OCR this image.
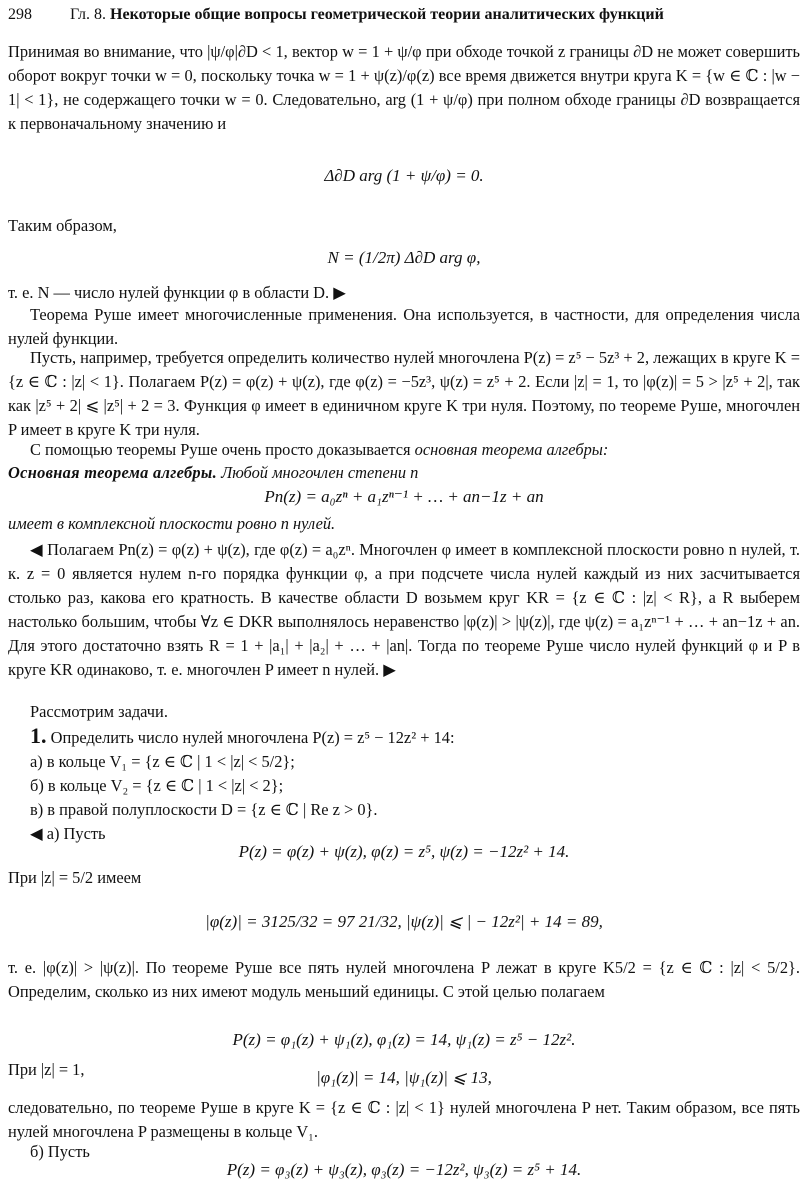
298 Гл. 8. Некоторые общие вопросы геометрической теории аналитических функций

Принимая во внимание, что |ψ/φ|∂D < 1, вектор w = 1 + ψ/φ при обходе точкой z границы ∂D не может совершить оборот вокруг точки w = 0, поскольку точка w = 1 + ψ(z)/φ(z) все время движется внутри круга K = {w ∈ ℂ : |w − 1| < 1}, не содержащего точки w = 0. Следовательно, arg (1 + ψ/φ) при полном обходе границы ∂D возвращается к первоначальному значению и

Δ∂D arg (1 + ψ/φ) = 0.

Таким образом,

N = (1/2π) Δ∂D arg φ,

т. е. N — число нулей функции φ в области D. ▶

Теорема Руше имеет многочисленные применения. Она используется, в частности, для определения числа нулей функции.

Пусть, например, требуется определить количество нулей многочлена P(z) = z⁵ − 5z³ + 2, лежащих в круге K = {z ∈ ℂ : |z| < 1}. Полагаем P(z) = φ(z) + ψ(z), где φ(z) = −5z³, ψ(z) = z⁵ + 2. Если |z| = 1, то |φ(z)| = 5 > |z⁵ + 2|, так как |z⁵ + 2| ⩽ |z⁵| + 2 = 3. Функция φ имеет в единичном круге K три нуля. Поэтому, по теореме Руше, многочлен P имеет в круге K три нуля.

С помощью теоремы Руше очень просто доказывается основная теорема алгебры:

Основная теорема алгебры. Любой многочлен степени n

Pn(z) = a₀zⁿ + a₁zⁿ⁻¹ + … + an−1z + an

имеет в комплексной плоскости ровно n нулей.

◀ Полагаем Pn(z) = φ(z) + ψ(z), где φ(z) = a₀zⁿ. Многочлен φ имеет в комплексной плоскости ровно n нулей, т. к. z = 0 является нулем n-го порядка функции φ, а при подсчете числа нулей каждый из них засчитывается столько раз, какова его кратность. В качестве области D возьмем круг KR = {z ∈ ℂ : |z| < R}, а R выберем настолько большим, чтобы ∀z ∈ DKR выполнялось неравенство |φ(z)| > |ψ(z)|, где ψ(z) = a₁zⁿ⁻¹ + … + an−1z + an. Для этого достаточно взять R = 1 + |a₁| + |a₂| + … + |an|. Тогда по теореме Руше число нулей функций φ и P в круге KR одинаково, т. е. многочлен P имеет n нулей. ▶

Рассмотрим задачи.

1. Определить число нулей многочлена P(z) = z⁵ − 12z² + 14:
а) в кольце V₁ = {z ∈ ℂ | 1 < |z| < 5/2};
б) в кольце V₂ = {z ∈ ℂ | 1 < |z| < 2};
в) в правой полуплоскости D = {z ∈ ℂ | Re z > 0}.
◀ а) Пусть
P(z) = φ(z) + ψ(z), φ(z) = z⁵, ψ(z) = −12z² + 14.

При |z| = 5/2 имеем

|φ(z)| = 3125/32 = 97 21/32, |ψ(z)| ⩽ | − 12z²| + 14 = 89,

т. е. |φ(z)| > |ψ(z)|. По теореме Руше все пять нулей многочлена P лежат в круге K5/2 = {z ∈ ℂ : |z| < 5/2}. Определим, сколько из них имеют модуль меньший единицы. С этой целью полагаем

P(z) = φ₁(z) + ψ₁(z), φ₁(z) = 14, ψ₁(z) = z⁵ − 12z².

При |z| = 1,	|φ₁(z)| = 14, |ψ₁(z)| ⩽ 13,

следовательно, по теореме Руше в круге K = {z ∈ ℂ : |z| < 1} нулей многочлена P нет. Таким образом, все пять нулей многочлена P размещены в кольце V₁.

б) Пусть

P(z) = φ₃(z) + ψ₃(z), φ₃(z) = −12z², ψ₃(z) = z⁵ + 14.
